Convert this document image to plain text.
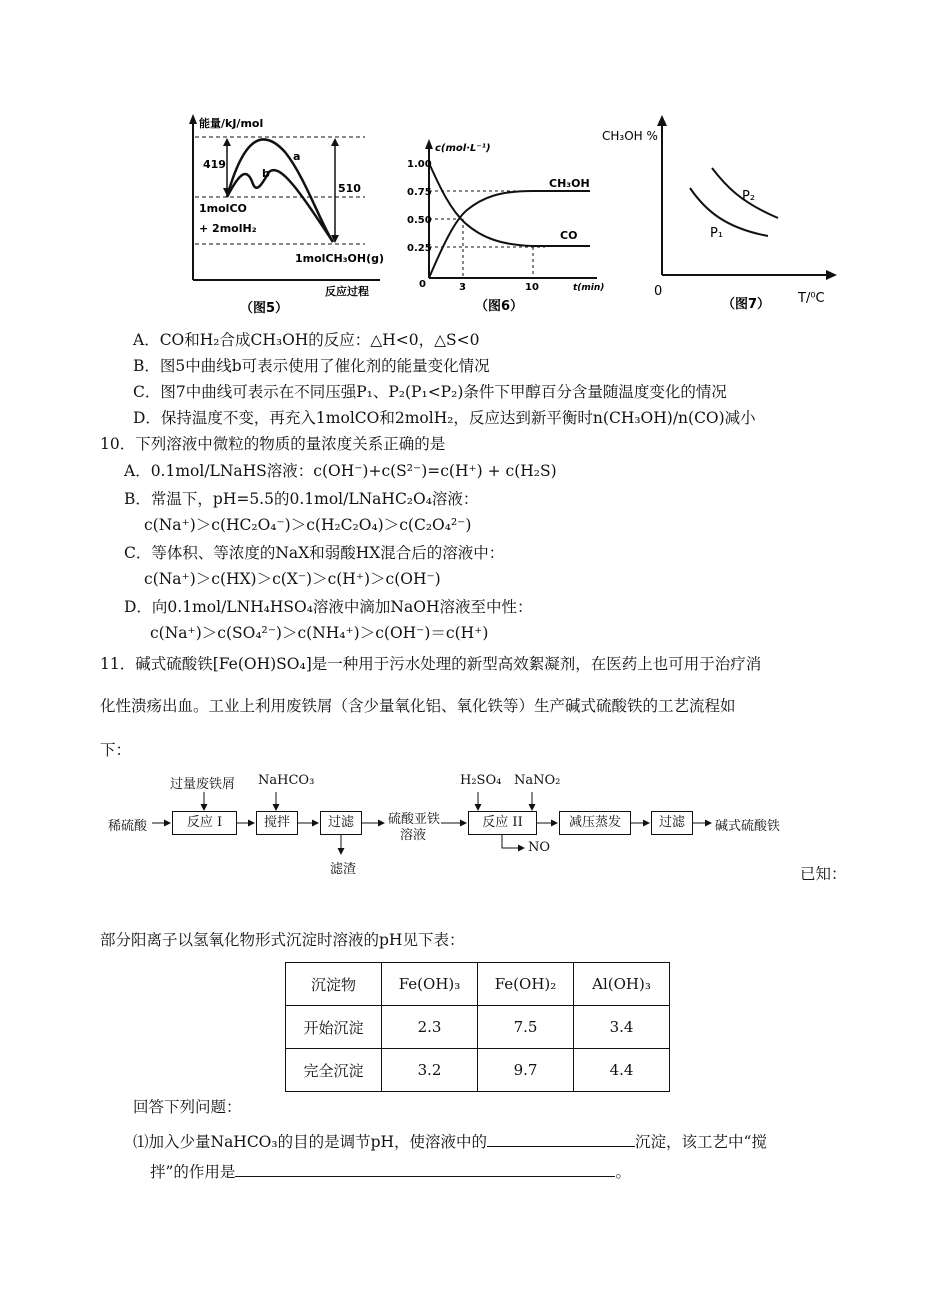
能量/kJ/mol
419
510
a
b
1molCO
+ 2molH₂
1molCH₃OH(g)
反应过程
（图5）
c(mol·L⁻¹)
1.00
0.75
0.50
0.25
0	3	10	t(min)
CH₃OH
CO
（图6）
CH₃OH %
P₂
P₁
0	T/⁰C
（图7）
A．CO和H₂合成CH₃OH的反应：△H<0，△S<0
B．图5中曲线b可表示使用了催化剂的能量变化情况
C．图7中曲线可表示在不同压强P₁、P₂(P₁<P₂)条件下甲醇百分含量随温度变化的情况
D．保持温度不变，再充入1molCO和2molH₂，反应达到新平衡时n(CH₃OH)/n(CO)减小
10．下列溶液中微粒的物质的量浓度关系正确的是
A．0.1mol/LNaHS溶液：c(OH⁻)+c(S²⁻)=c(H⁺) + c(H₂S)
B．常温下，pH=5.5的0.1mol/LNaHC₂O₄溶液：
c(Na⁺)＞c(HC₂O₄⁻)＞c(H₂C₂O₄)＞c(C₂O₄²⁻)
C．等体积、等浓度的NaX和弱酸HX混合后的溶液中：
c(Na⁺)＞c(HX)＞c(X⁻)＞c(H⁺)＞c(OH⁻)
D．向0.1mol/LNH₄HSO₄溶液中滴加NaOH溶液至中性：
c(Na⁺)＞c(SO₄²⁻)＞c(NH₄⁺)＞c(OH⁻)＝c(H⁺)
11．碱式硫酸铁[Fe(OH)SO₄]是一种用于污水处理的新型高效絮凝剂，在医药上也可用于治疗消
化性溃疡出血。工业上利用废铁屑（含少量氧化铝、氧化铁等）生产碱式硫酸铁的工艺流程如
下：
稀硫酸
过量废铁屑 NaHCO₃
反应 I	搅拌	过滤
滤渣
硫酸亚铁
溶液
H₂SO₄ NaNO₂
反应 II
NO
减压蒸发	过滤	碱式硫酸铁
已知：
部分阳离子以氢氧化物形式沉淀时溶液的pH见下表：
沉淀物	Fe(OH)₃	Fe(OH)₂	Al(OH)₃
开始沉淀	2.3	7.5	3.4
完全沉淀	3.2	9.7	4.4
回答下列问题：
⑴加入少量NaHCO₃的目的是调节pH，使溶液中的	沉淀，该工艺中“搅
拌”的作用是	。
